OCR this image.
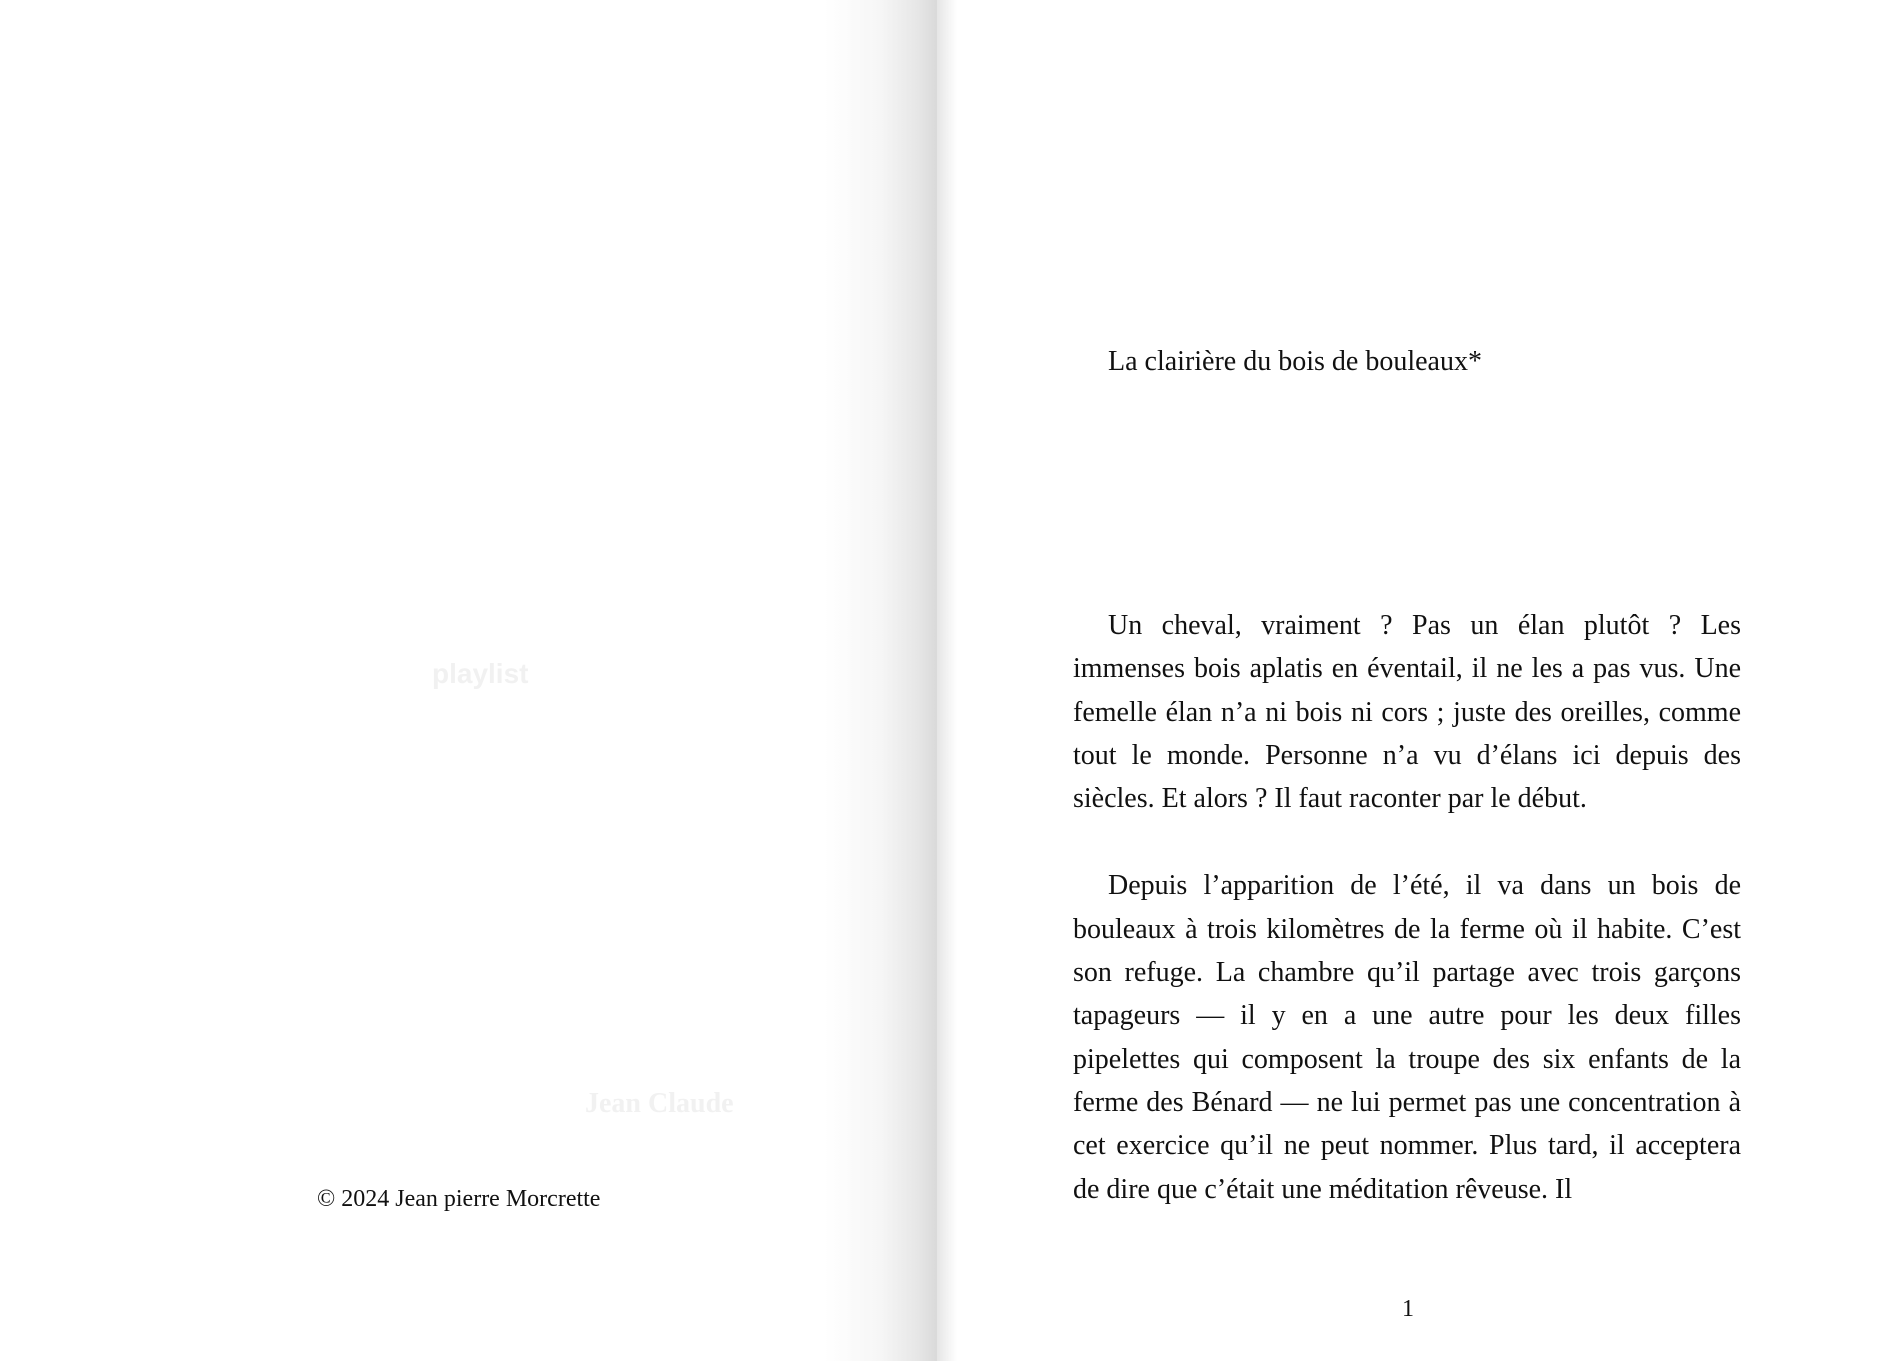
playlist
Jean Claude
© 2024 Jean pierre Morcrette
La clairière du bois de bouleaux*

Un cheval, vraiment ? Pas un élan plutôt ? Les immenses bois aplatis en éventail, il ne les a pas vus. Une femelle élan n’a ni bois ni cors ; juste des oreilles, comme tout le monde. Personne n’a vu d’élans ici depuis des siècles. Et alors ? Il faut raconter par le début.

Depuis l’apparition de l’été, il va dans un bois de bouleaux à trois kilomètres de la ferme où il habite. C’est son refuge. La chambre qu’il partage avec trois garçons tapageurs — il y en a une autre pour les deux filles pipelettes qui composent la troupe des six enfants de la ferme des Bénard — ne lui permet pas une concentration à cet exercice qu’il ne peut nommer. Plus tard, il acceptera de dire que c’était une méditation rêveuse. Il

1
